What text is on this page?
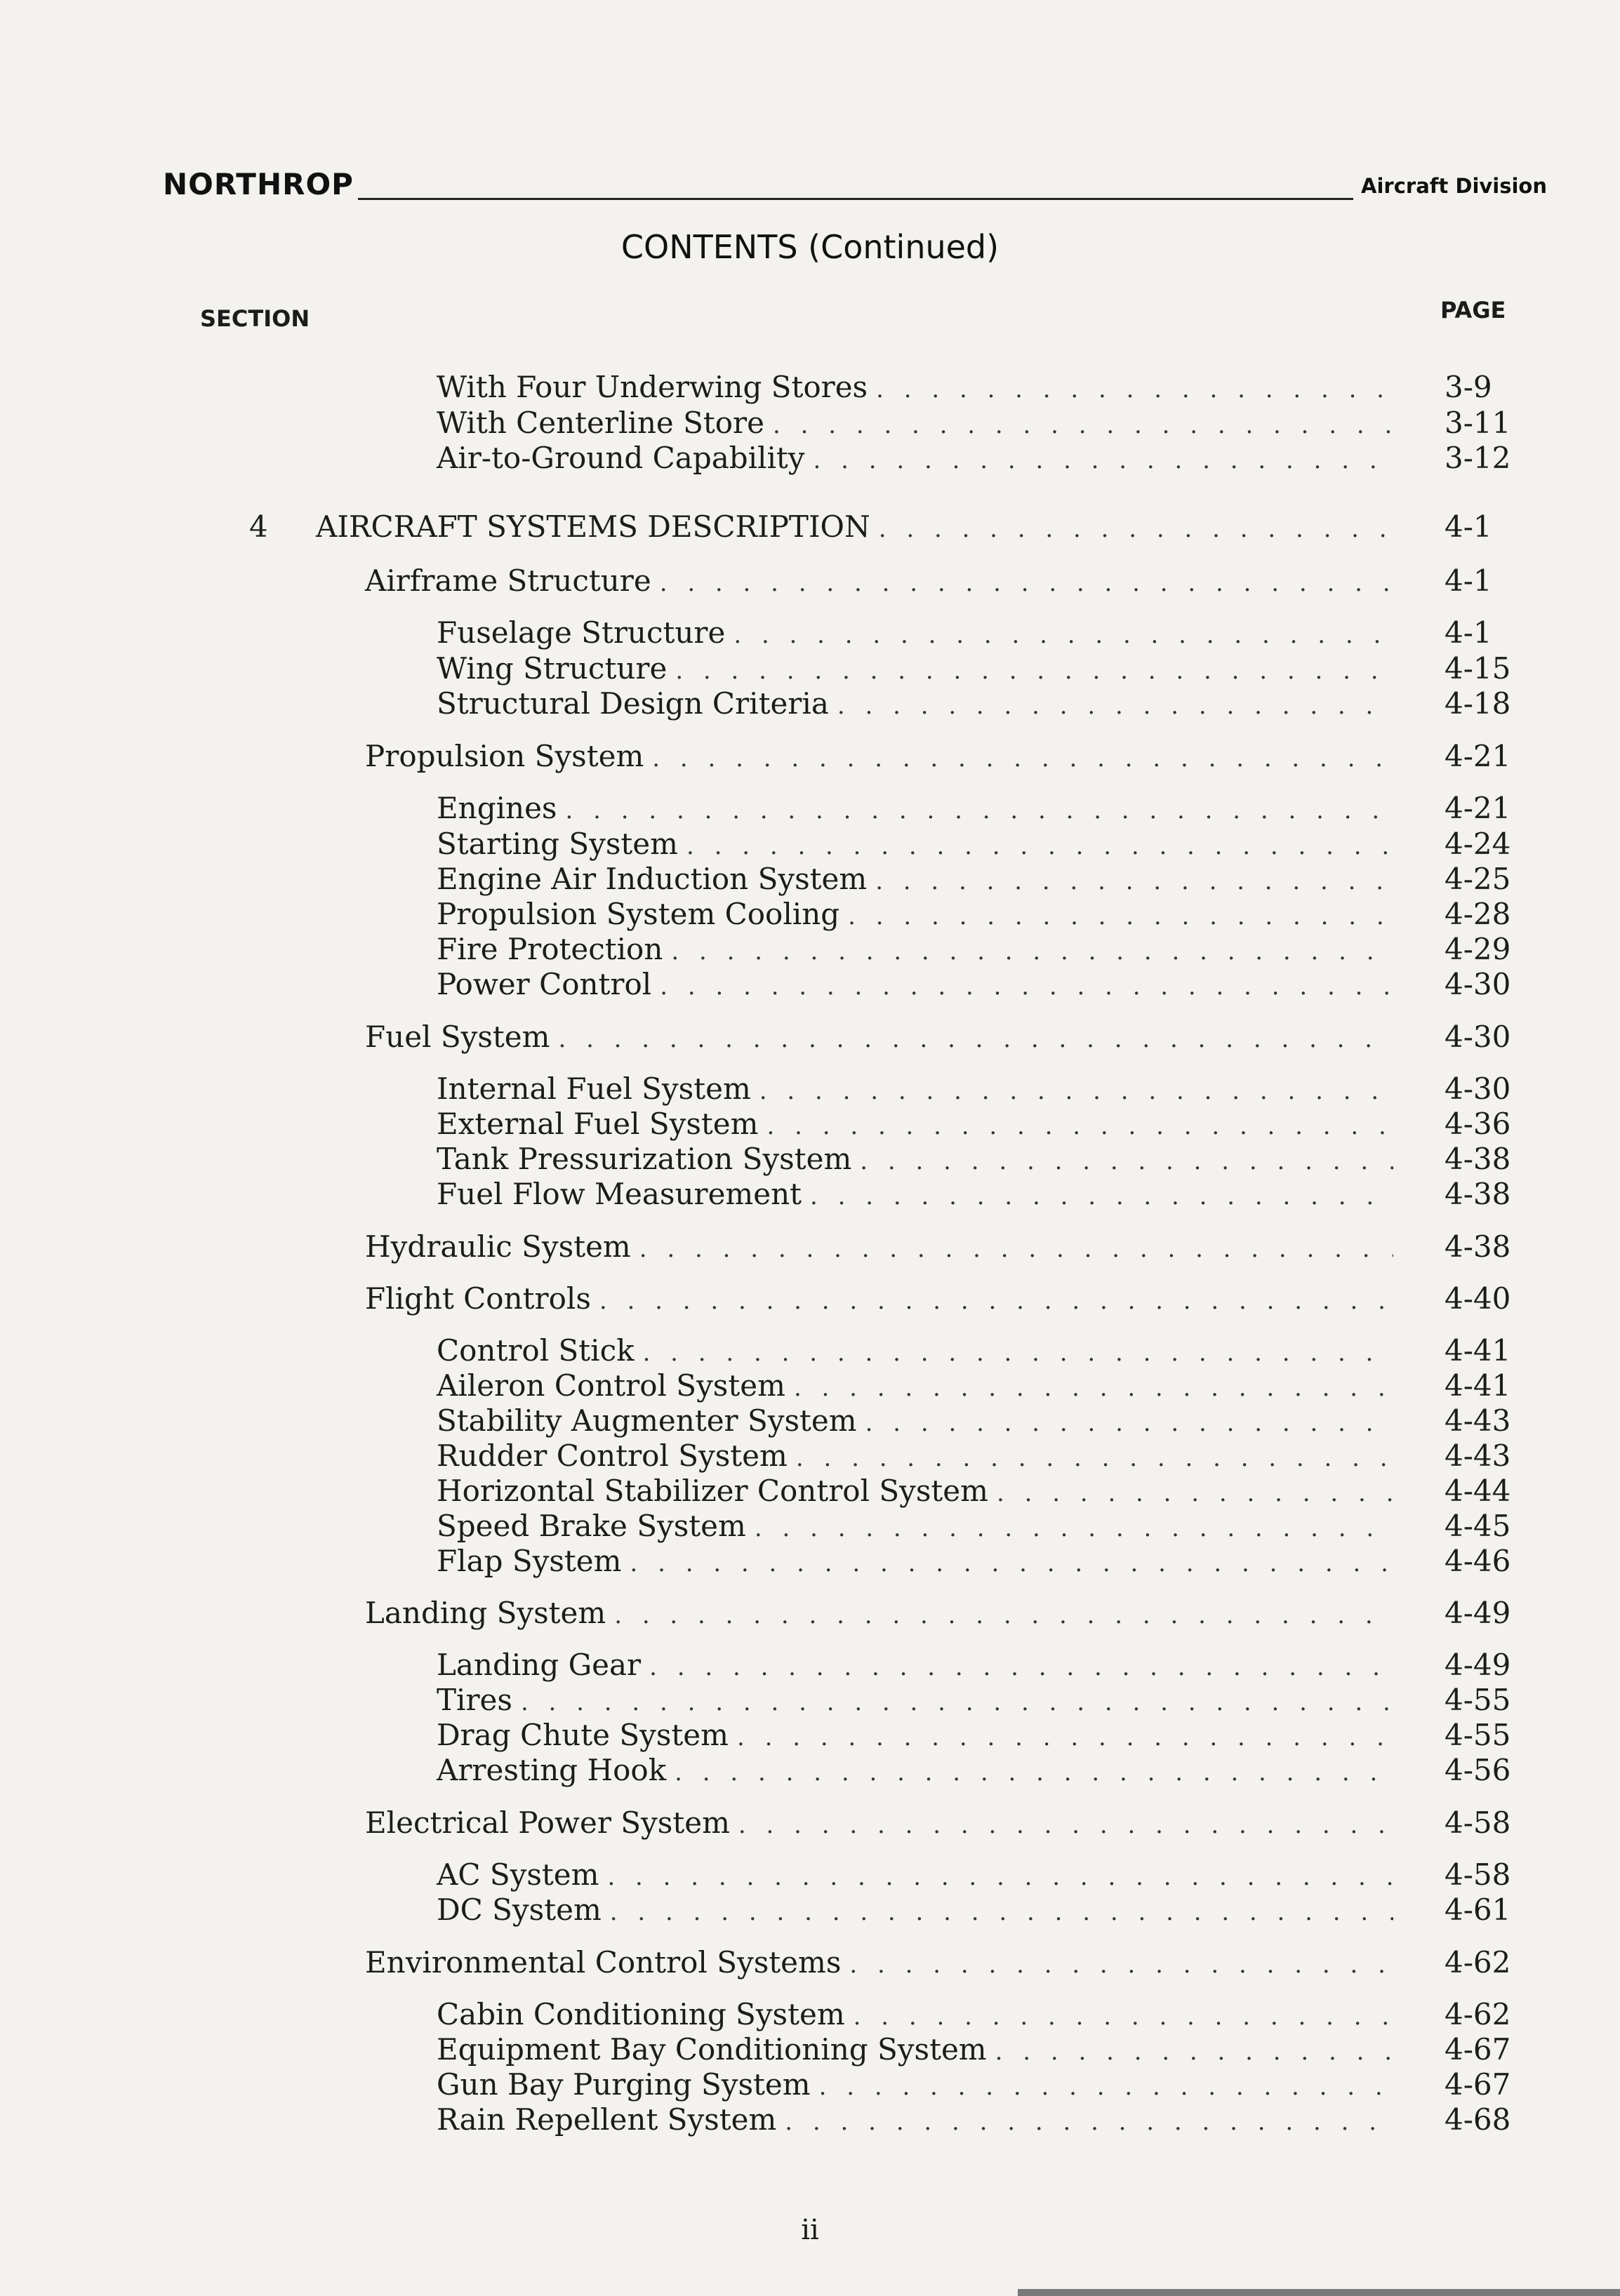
NORTHROP	Aircraft Division
CONTENTS (Continued)
SECTION	PAGE
With Four Underwing Stores . . .	3-9
With Centerline Store . . .	3-11
Air-to-Ground Capability . . .	3-12
4	AIRCRAFT SYSTEMS DESCRIPTION . . .	4-1
Airframe Structure . . .	4-1
Fuselage Structure . . .	4-1
Wing Structure . . .	4-15
Structural Design Criteria . . .	4-18
Propulsion System . . .	4-21
Engines . . .	4-21
Starting System . . .	4-24
Engine Air Induction System . . .	4-25
Propulsion System Cooling . . .	4-28
Fire Protection . . .	4-29
Power Control . . .	4-30
Fuel System . . .	4-30
Internal Fuel System . . .	4-30
External Fuel System . . .	4-36
Tank Pressurization System . . .	4-38
Fuel Flow Measurement . . .	4-38
Hydraulic System . . .	4-38
Flight Controls . . .	4-40
Control Stick . . .	4-41
Aileron Control System . . .	4-41
Stability Augmenter System . . .	4-43
Rudder Control System . . .	4-43
Horizontal Stabilizer Control System . . .	4-44
Speed Brake System . . .	4-45
Flap System . . .	4-46
Landing System . . .	4-49
Landing Gear . . .	4-49
Tires . . .	4-55
Drag Chute System . . .	4-55
Arresting Hook . . .	4-56
Electrical Power System . . .	4-58
AC System . . .	4-58
DC System . . .	4-61
Environmental Control Systems . . .	4-62
Cabin Conditioning System . . .	4-62
Equipment Bay Conditioning System . . .	4-67
Gun Bay Purging System . . .	4-67
Rain Repellent System . . .	4-68
ii
